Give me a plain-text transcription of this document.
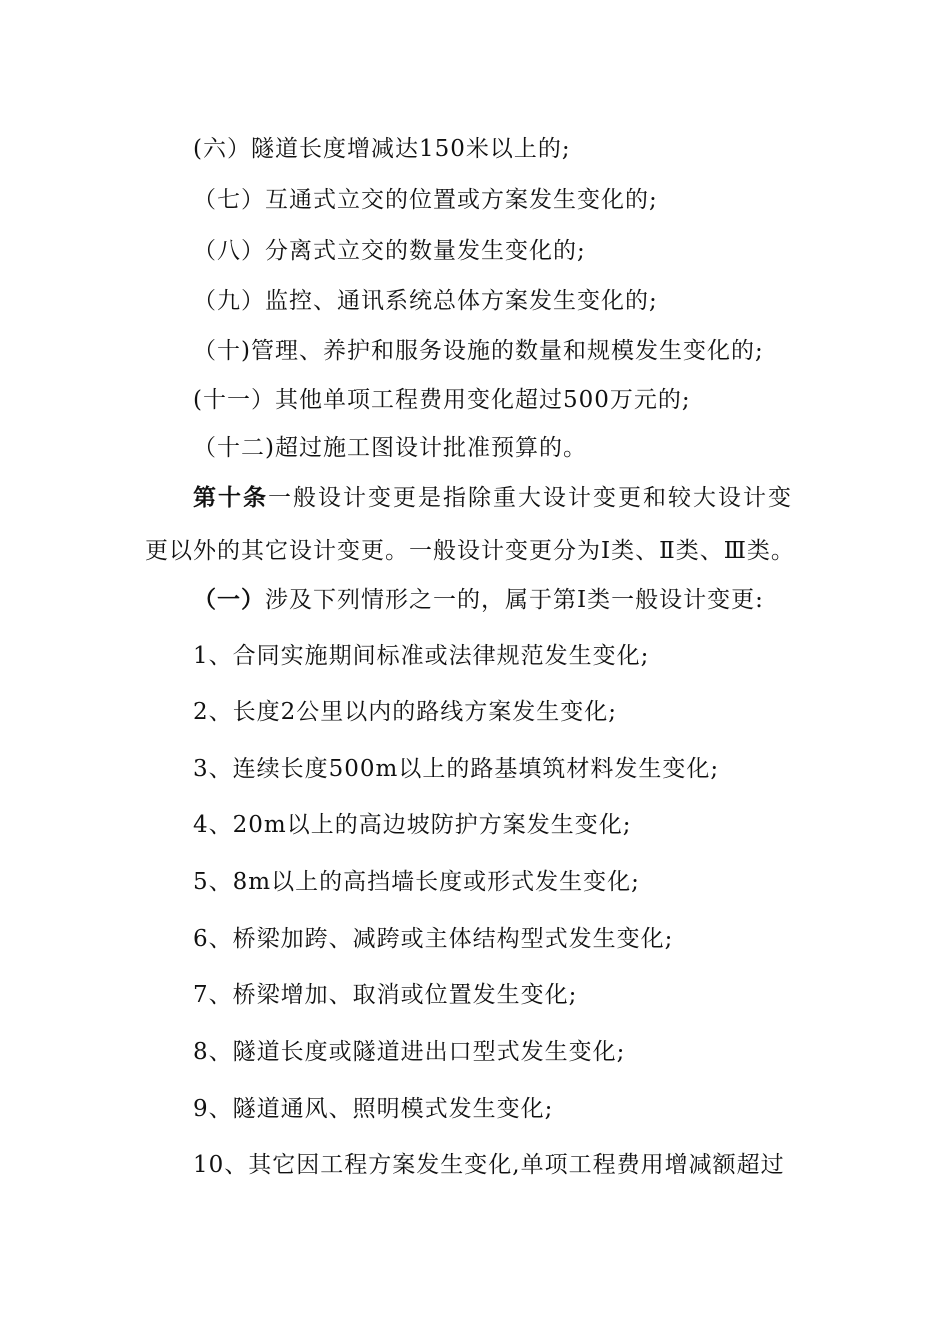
(六）隧道长度增减达150米以上的;
（七）互通式立交的位置或方案发生变化的;
（八）分离式立交的数量发生变化的;
（九）监控、通讯系统总体方案发生变化的;
（十)管理、养护和服务设施的数量和规模发生变化的;
(十一）其他单项工程费用变化超过500万元的;
（十二)超过施工图设计批准预算的。
第十条一般设计变更是指除重大设计变更和较大设计变
更以外的其它设计变更。一般设计变更分为Ⅰ类、Ⅱ类、Ⅲ类。
（一）涉及下列情形之一的，属于第Ⅰ类一般设计变更:
1、合同实施期间标准或法律规范发生变化;
2、长度2公里以内的路线方案发生变化;
3、连续长度500m以上的路基填筑材料发生变化;
4、20m以上的高边坡防护方案发生变化;
5、8m以上的高挡墙长度或形式发生变化;
6、桥梁加跨、减跨或主体结构型式发生变化;
7、桥梁增加、取消或位置发生变化;
8、隧道长度或隧道进出口型式发生变化;
9、隧道通风、照明模式发生变化;
10、其它因工程方案发生变化,单项工程费用增减额超过
